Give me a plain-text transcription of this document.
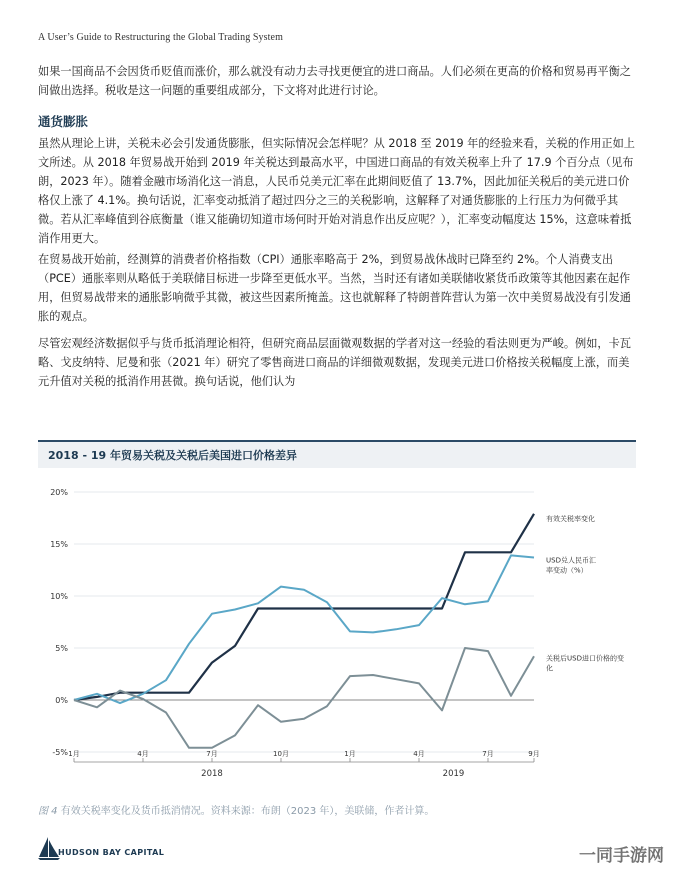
A User’s Guide to Restructuring the Global Trading System
如果一国商品不会因货币贬值而涨价，那么就没有动力去寻找更便宜的进口商品。人们必须在更高的价格和贸易再平衡之间做出选择。税收是这一问题的重要组成部分，下文将对此进行讨论。
通货膨胀
虽然从理论上讲，关税未必会引发通货膨胀，但实际情况会怎样呢？从 2018 至 2019 年的经验来看，关税的作用正如上文所述。从 2018 年贸易战开始到 2019 年关税达到最高水平，中国进口商品的有效关税率上升了 17.9 个百分点（见布朗，2023 年）。随着金融市场消化这一消息，人民币兑美元汇率在此期间贬值了 13.7%，因此加征关税后的美元进口价格仅上涨了 4.1%。换句话说，汇率变动抵消了超过四分之三的关税影响，这解释了对通货膨胀的上行压力为何微乎其微。若从汇率峰值到谷底衡量（谁又能确切知道市场何时开始对消息作出反应呢？），汇率变动幅度达 15%，这意味着抵消作用更大。
在贸易战开始前，经测算的消费者价格指数（CPI）通胀率略高于 2%，到贸易战休战时已降至约 2%。个人消费支出（PCE）通胀率则从略低于美联储目标进一步降至更低水平。当然，当时还有诸如美联储收紧货币政策等其他因素在起作用，但贸易战带来的通胀影响微乎其微，被这些因素所掩盖。这也就解释了特朗普阵营认为第一次中美贸易战没有引发通胀的观点。
尽管宏观经济数据似乎与货币抵消理论相符，但研究商品层面微观数据的学者对这一经验的看法则更为严峻。例如，卡瓦略、戈皮纳特、尼曼和张（2021 年）研究了零售商进口商品的详细微观数据，发现美元进口价格按关税幅度上涨，而美元升值对关税的抵消作用甚微。换句话说，他们认为
2018 - 19 年贸易关税及关税后美国进口价格差异
20%
15%
10%
5%
0%
-5% 1月	4月	7月	10月	1月	4月	7月	9月
2018	2019
有效关税率变化
USD兑人民币汇率变动（%）
关税后USD进口价格的变化
图 4 有效关税率变化及货币抵消情况。资料来源：布朗（2023 年），美联储，作者计算。
HUDSON BAY CAPITAL	一同手游网
